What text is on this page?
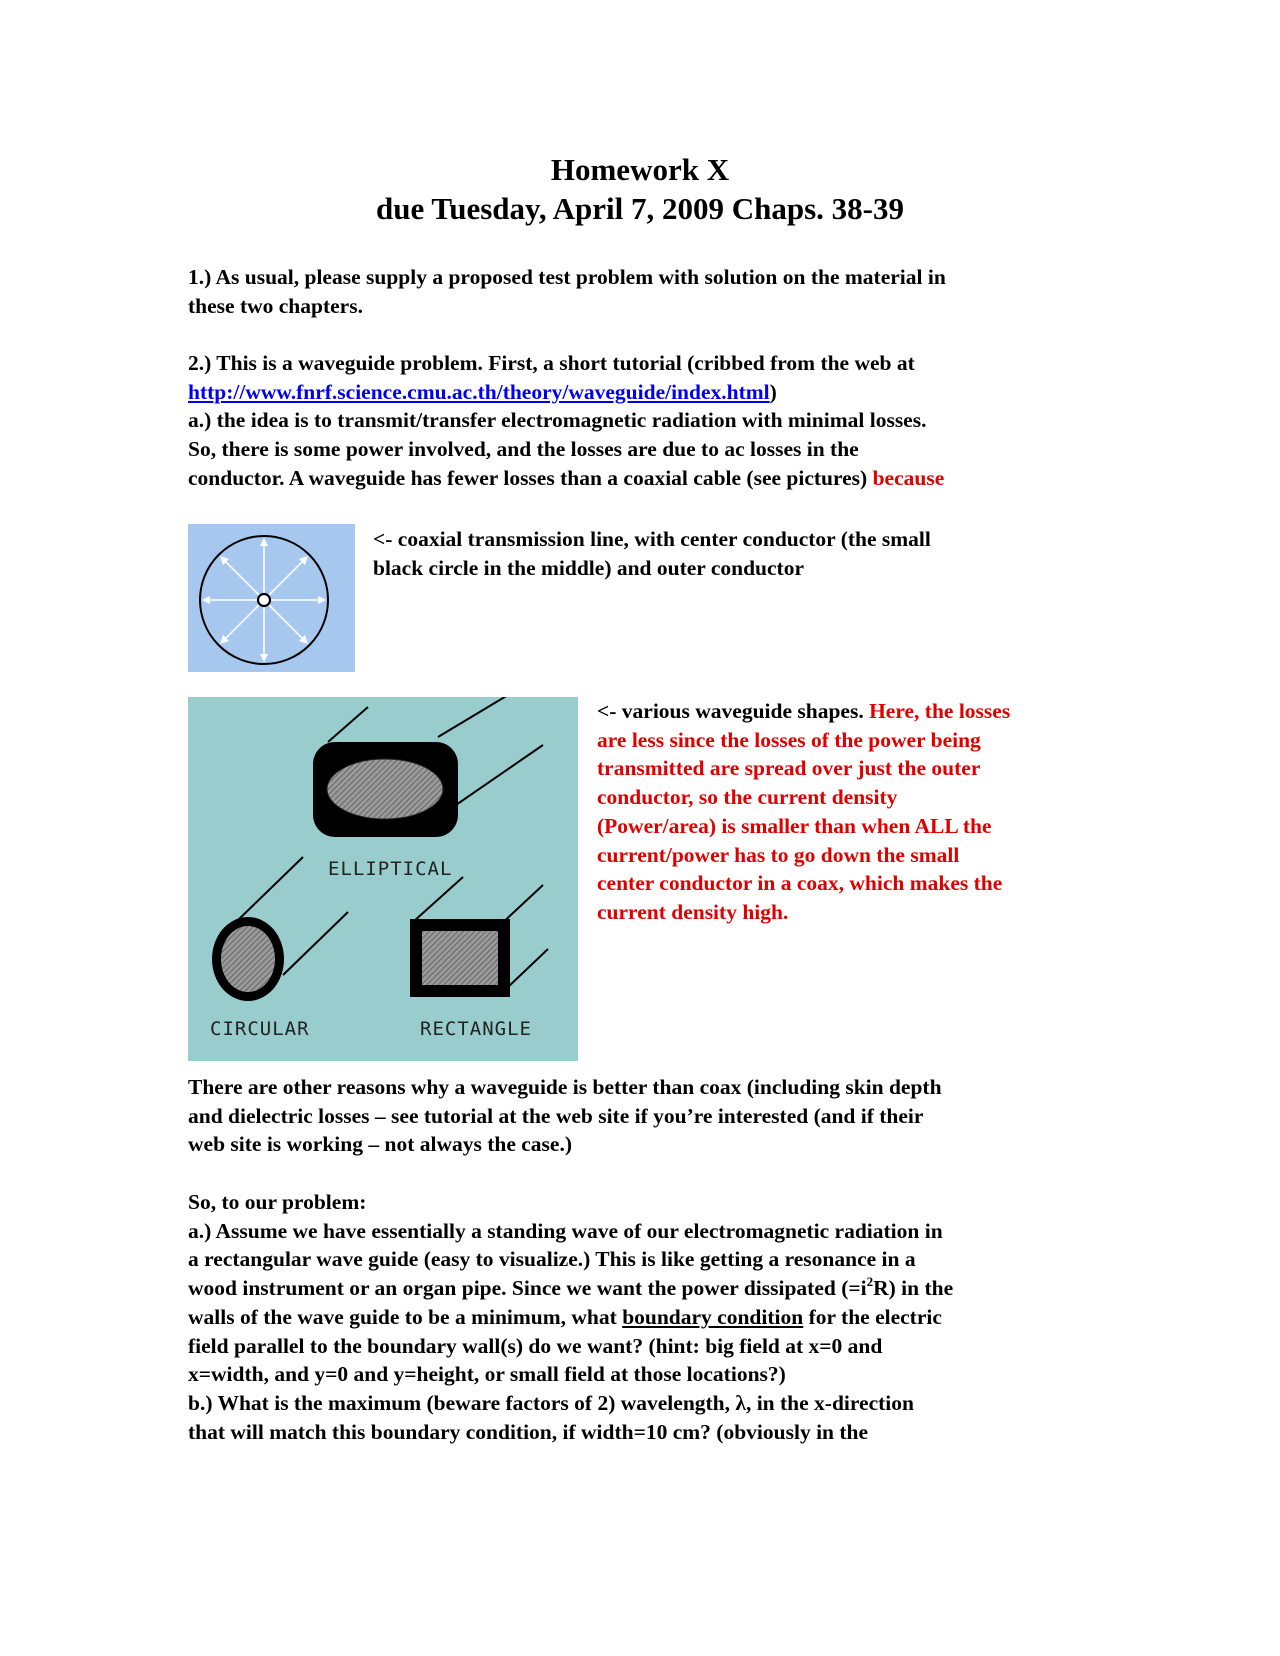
Homework X
due Tuesday, April 7, 2009 Chaps. 38-39
1.) As usual, please supply a proposed test problem with solution on the material in
these two chapters.
2.) This is a waveguide problem. First, a short tutorial (cribbed from the web at
http://www.fnrf.science.cmu.ac.th/theory/waveguide/index.html)
a.) the idea is to transmit/transfer electromagnetic radiation with minimal losses.
So, there is some power involved, and the losses are due to ac losses in the
conductor. A waveguide has fewer losses than a coaxial cable (see pictures) because
<- coaxial transmission line, with center conductor (the small
black circle in the middle) and outer conductor
ELLIPTICAL
CIRCULAR	RECTANGLE
<- various waveguide shapes. Here, the losses
are less since the losses of the power being
transmitted are spread over just the outer
conductor, so the current density
(Power/area) is smaller than when ALL the
current/power has to go down the small
center conductor in a coax, which makes the
current density high.
There are other reasons why a waveguide is better than coax (including skin depth
and dielectric losses – see tutorial at the web site if you’re interested (and if their
web site is working – not always the case.)
So, to our problem:
a.) Assume we have essentially a standing wave of our electromagnetic radiation in
a rectangular wave guide (easy to visualize.) This is like getting a resonance in a
wood instrument or an organ pipe. Since we want the power dissipated $(=i^2R)$ in the
walls of the wave guide to be a minimum, what boundary condition for the electric
field parallel to the boundary wall(s) do we want? (hint: big field at x=0 and
x=width, and y=0 and y=height, or small field at those locations?)
b.) What is the maximum (beware factors of 2) wavelength, λ, in the x-direction
that will match this boundary condition, if width=10 cm? (obviously in the
